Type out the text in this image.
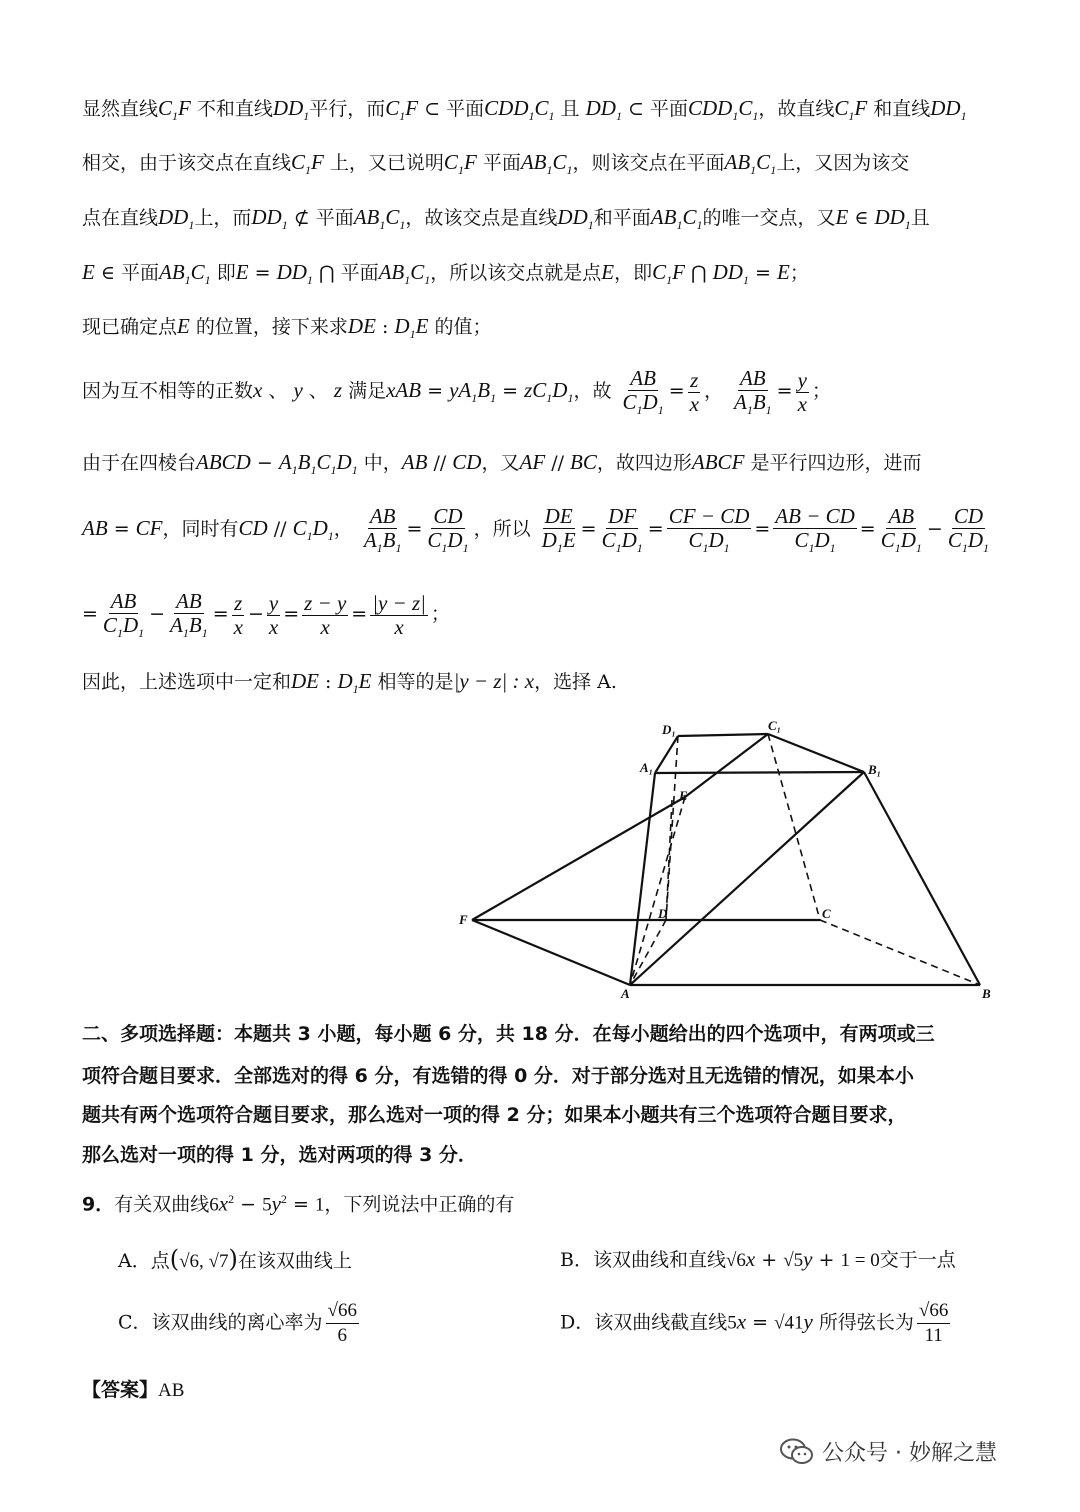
显然直线$C_1F$ 不和直线$DD_1$平行，而$C_1F$ ⊂ 平面$CDD_1C_1$ 且 $DD_1$ ⊂ 平面$CDD_1C_1$，故直线$C_1F$ 和直线$DD_1$
相交，由于该交点在直线$C_1F$ 上，又已说明$C_1F$ 平面$AB_1C_1$，则该交点在平面$AB_1C_1$上，又因为该交
点在直线$DD_1$上，而$DD_1$ ⊄ 平面$AB_1C_1$，故该交点是直线$DD_1$和平面$AB_1C_1$的唯一交点，又E ∈ $DD_1$且
E ∈ 平面$AB_1C_1$ 即$E = DD_1$ ⋂ 平面$AB_1C_1$，所以该交点就是点E，即$C_1F$ ⋂ $DD_1 = E$；
现已确定点E 的位置，接下来求DE : $D_1E$ 的值；
因为互不相等的正数x 、 y 、 z 满足xAB = $yA_1B_1 = zC_1D_1$，故 $\frac{AB}{C_1D_1} = \frac{z}{x}$ ， $\frac{AB}{A_1B_1} = \frac{y}{x}$ ；
由于在四棱台ABCD − $A_1B_1C_1D_1$ 中，AB // CD，又AF // BC，故四边形ABCF 是平行四边形，进而
AB = CF，同时有CD // $C_1D_1$， $\frac{AB}{A_1B_1} = \frac{CD}{C_1D_1}$ ，所以 $\frac{DE}{D_1E} = \frac{DF}{C_1D_1} = \frac{CF - CD}{C_1D_1} = \frac{AB - CD}{C_1D_1} = \frac{AB}{C_1D_1} - \frac{CD}{C_1D_1}$
= $\frac{AB}{C_1D_1} - \frac{AB}{A_1B_1} = \frac{z}{x} - \frac{y}{x} = \frac{z - y}{x} = \frac{|y - z|}{x}$ ；
因此，上述选项中一定和DE : $D_1E$ 相等的是|y − z| : x，选择 A.
D₁	C₁
A₁	B₁
E
F	D	C
A	B
二、多项选择题：本题共 3 小题，每小题 6 分，共 18 分．在每小题给出的四个选项中，有两项或三
项符合题目要求．全部选对的得 6 分，有选错的得 0 分．对于部分选对且无选错的情况，如果本小
题共有两个选项符合题目要求，那么选对一项的得 2 分；如果本小题共有三个选项符合题目要求，
那么选对一项的得 1 分，选对两项的得 3 分．
9．有关双曲线$6x^2 - 5y^2 = 1$，下列说法中正确的有
A．点(√6, √7)在该双曲线上	B．该双曲线和直线√6x + √5y + 1 = 0交于一点
C．该双曲线的离心率为 $\frac{√66}{6}$	D．该双曲线截直线5x = √41y 所得弦长为 $\frac{√66}{11}$
【答案】AB
公众号 · 妙解之慧
